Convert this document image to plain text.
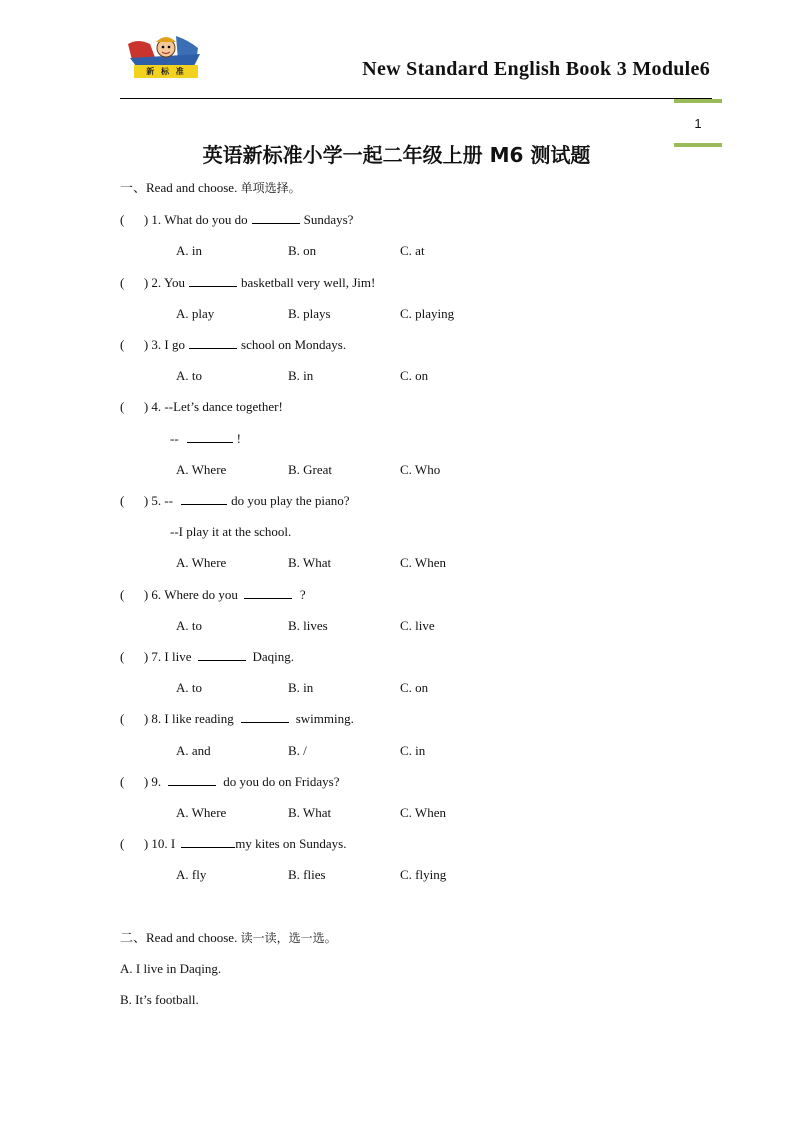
新 标 准	New Standard English Book 3 Module6
1
英语新标准小学一起二年级上册 M6 测试题
一、Read and choose. 单项选择。
(      ) 1. What do you do	Sundays?
A. in	B. on	C. at
(      ) 2. You	basketball very well, Jim!
A. play	B. plays	C. playing
(      ) 3. I go	school on Mondays.
A. to	B. in	C. on
(      ) 4. --Let’s dance together!
--	!
A. Where	B. Great	C. Who
(      ) 5. --	do you play the piano?
--I play it at the school.
A. Where	B. What	C. When
(      ) 6. Where do you	?
A. to	B. lives	C. live
(      ) 7. I live	Daqing.
A. to	B. in	C. on
(      ) 8. I like reading	swimming.
A. and	B. /	C. in
(      ) 9.	do you do on Fridays?
A. Where	B. What	C. When
(      ) 10. I	my kites on Sundays.
A. fly	B. flies	C. flying
二、Read and choose. 读一读，选一选。
A. I live in Daqing.
B. It’s football.
